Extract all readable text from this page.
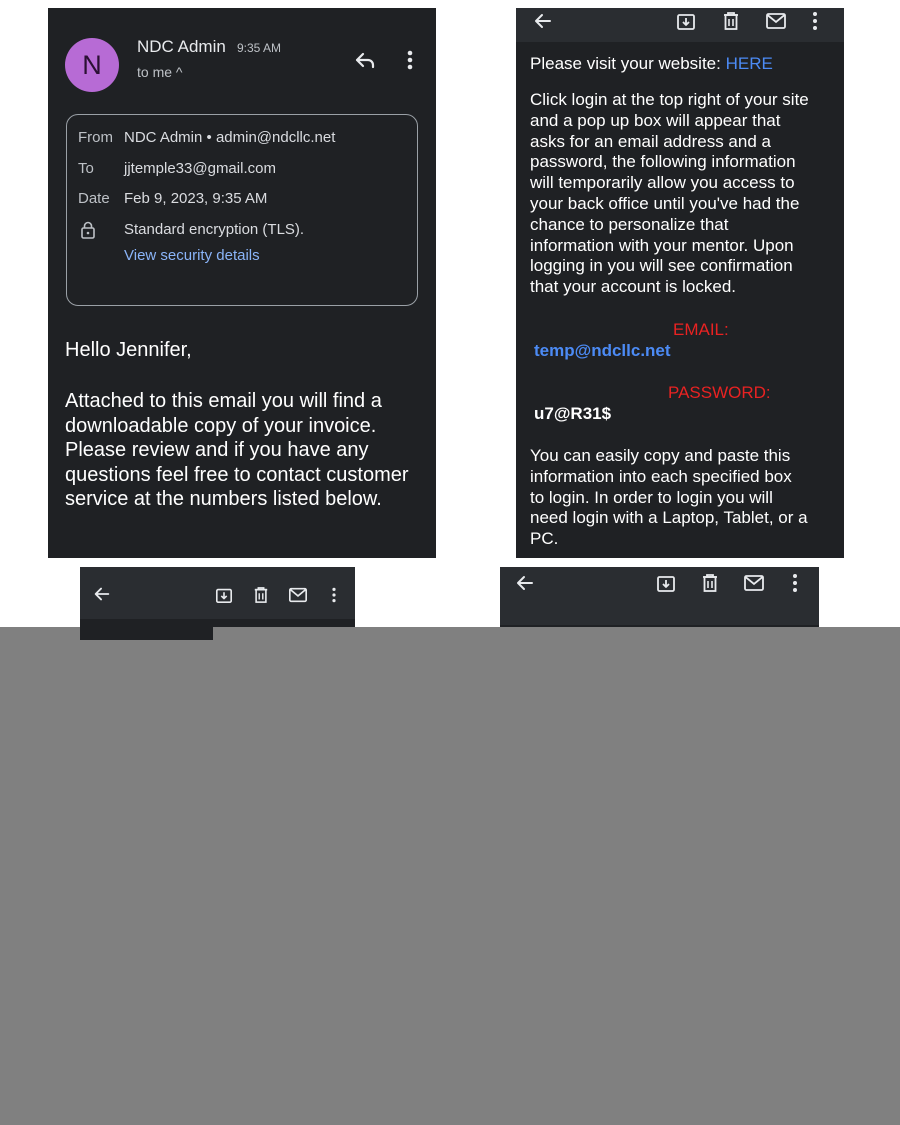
N
NDC Admin 9:35 AM
to me ^
From NDC Admin • admin@ndcllc.net
To jjtemple33@gmail.com
Date Feb 9, 2023, 9:35 AM
Standard encryption (TLS).
View security details
Hello Jennifer,
Attached to this email you will find a downloadable copy of your invoice. Please review and if you have any questions feel free to contact customer service at the numbers listed below.
Please visit your website: HERE
Click login at the top right of your site
and a pop up box will appear that
asks for an email address and a
password, the following information
will temporarily allow you access to
your back office until you've had the
chance to personalize that
information with your mentor. Upon
logging in you will see confirmation
that your account is locked.
EMAIL:
temp@ndcllc.net
PASSWORD:
u7@R31$
You can easily copy and paste this
information into each specified box
to login. In order to login you will
need login with a Laptop, Tablet, or a
PC.
